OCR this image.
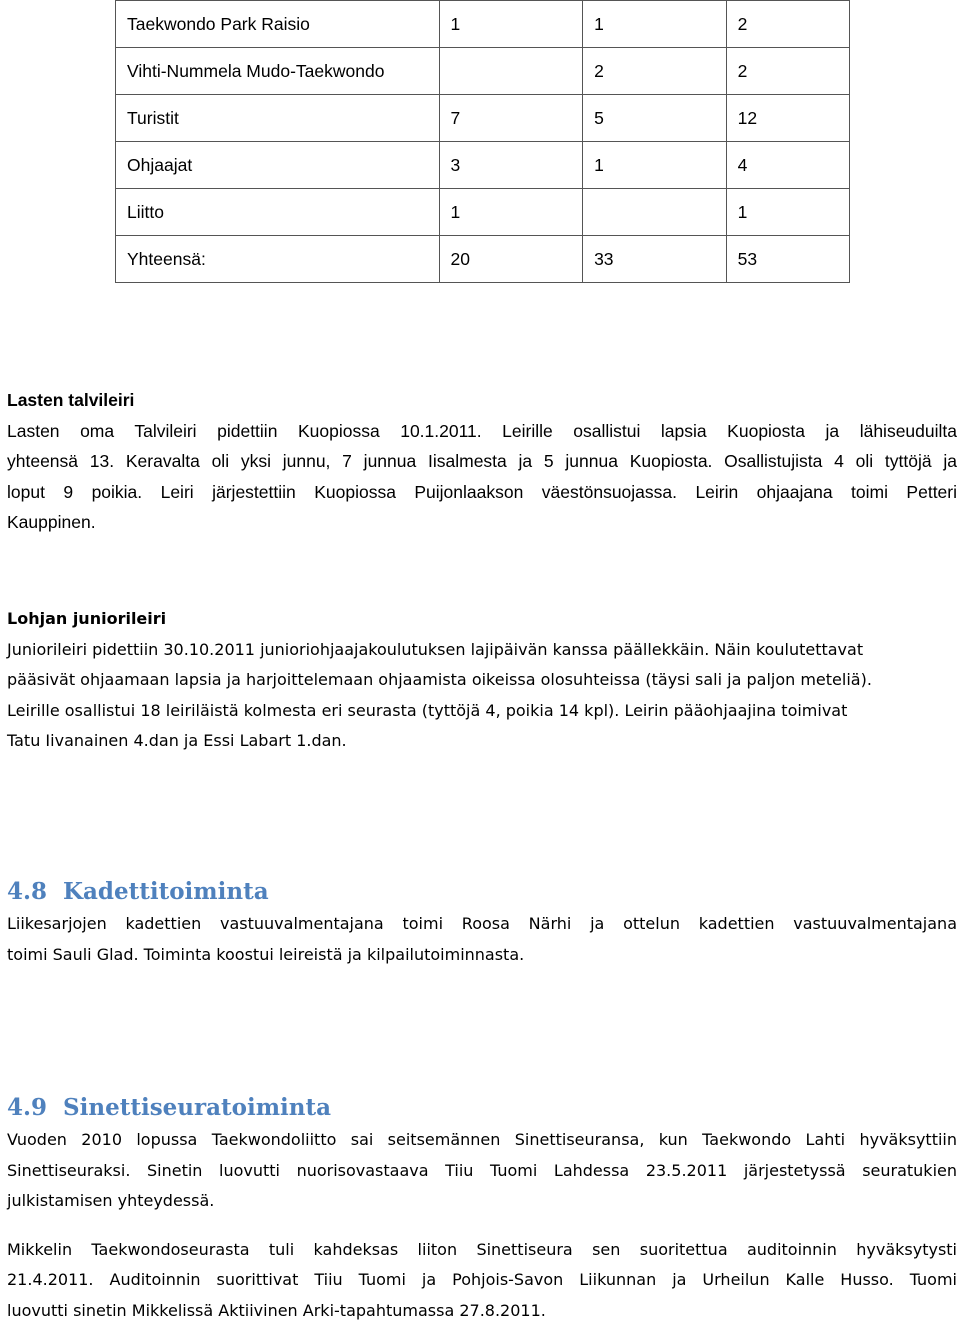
Taekwondo Park Raisio	1	1	2
Vihti-Nummela Mudo-Taekwondo		2	2
Turistit	7	5	12
Ohjaajat	3	1	4
Liitto	1		1
Yhteensä:	20	33	53
Lasten talvileiri
Lasten oma Talvileiri pidettiin Kuopiossa 10.1.2011. Leirille osallistui lapsia Kuopiosta ja lähiseuduilta
yhteensä 13. Keravalta oli yksi junnu, 7 junnua Iisalmesta ja 5 junnua Kuopiosta. Osallistujista 4 oli tyttöjä ja
loput 9 poikia. Leiri järjestettiin Kuopiossa Puijonlaakson väestönsuojassa. Leirin ohjaajana toimi Petteri
Kauppinen.
Lohjan juniorileiri
Juniorileiri pidettiin 30.10.2011 junioriohjaajakoulutuksen lajipäivän kanssa päällekkäin. Näin koulutettavat
pääsivät ohjaamaan lapsia ja harjoittelemaan ohjaamista oikeissa olosuhteissa (täysi sali ja paljon meteliä).
Leirille osallistui 18 leiriläistä kolmesta eri seurasta (tyttöjä 4, poikia 14 kpl). Leirin pääohjaajina toimivat
Tatu Iivanainen 4.dan ja Essi Labart 1.dan.
4.8 Kadettitoiminta
Liikesarjojen kadettien vastuuvalmentajana toimi Roosa Närhi ja ottelun kadettien vastuuvalmentajana
toimi Sauli Glad. Toiminta koostui leireistä ja kilpailutoiminnasta.
4.9 Sinettiseuratoiminta
Vuoden 2010 lopussa Taekwondoliitto sai seitsemännen Sinettiseuransa, kun Taekwondo Lahti hyväksyttiin
Sinettiseuraksi. Sinetin luovutti nuorisovastaava Tiiu Tuomi Lahdessa 23.5.2011 järjestetyssä seuratukien
julkistamisen yhteydessä.
Mikkelin Taekwondoseurasta tuli kahdeksas liiton Sinettiseura sen suoritettua auditoinnin hyväksytysti
21.4.2011. Auditoinnin suorittivat Tiiu Tuomi ja Pohjois-Savon Liikunnan ja Urheilun Kalle Husso. Tuomi
luovutti sinetin Mikkelissä Aktiivinen Arki-tapahtumassa 27.8.2011.
